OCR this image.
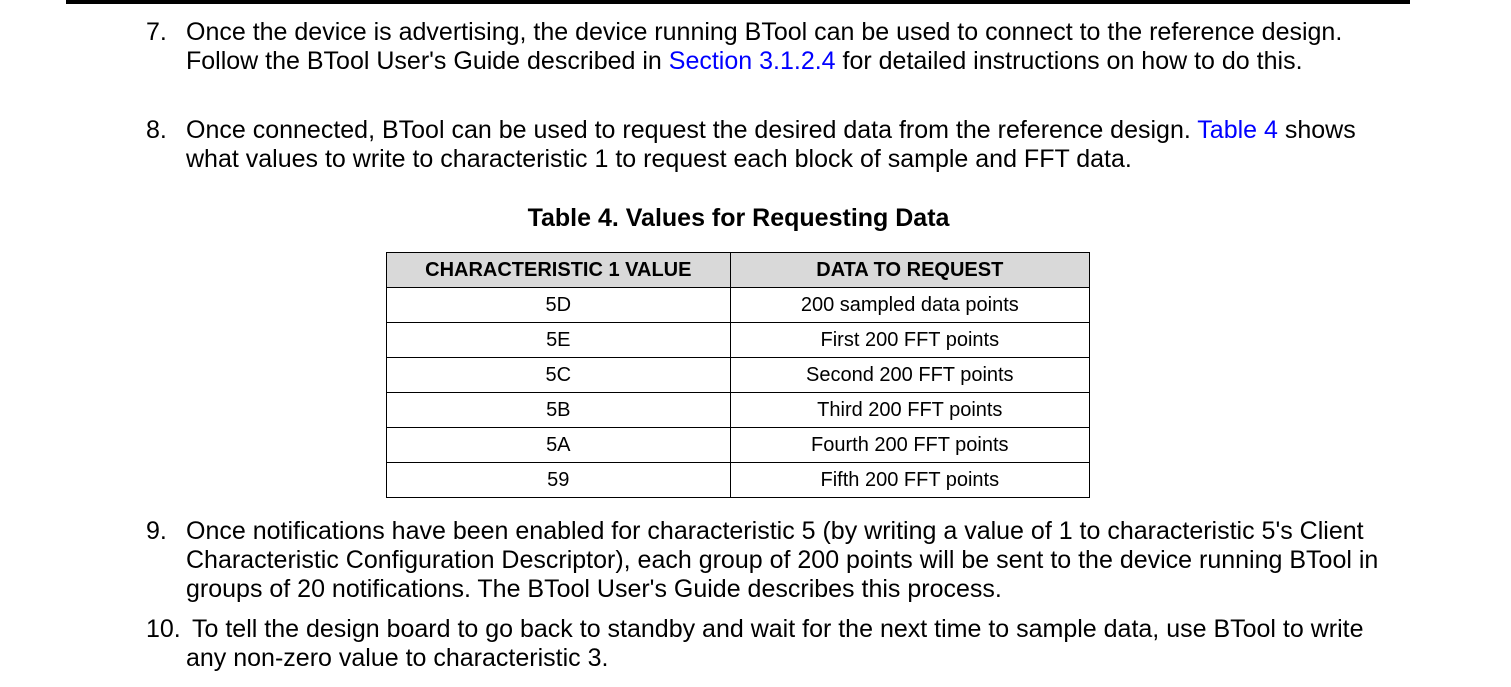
7. Once the device is advertising, the device running BTool can be used to connect to the reference design. Follow the BTool User's Guide described in Section 3.1.2.4 for detailed instructions on how to do this.
8. Once connected, BTool can be used to request the desired data from the reference design. Table 4 shows what values to write to characteristic 1 to request each block of sample and FFT data.
Table 4. Values for Requesting Data
CHARACTERISTIC 1 VALUE	DATA TO REQUEST
5D	200 sampled data points
5E	First 200 FFT points
5C	Second 200 FFT points
5B	Third 200 FFT points
5A	Fourth 200 FFT points
59	Fifth 200 FFT points
9. Once notifications have been enabled for characteristic 5 (by writing a value of 1 to characteristic 5's Client Characteristic Configuration Descriptor), each group of 200 points will be sent to the device running BTool in groups of 20 notifications. The BTool User's Guide describes this process.
10. To tell the design board to go back to standby and wait for the next time to sample data, use BTool to write any non-zero value to characteristic 3.
